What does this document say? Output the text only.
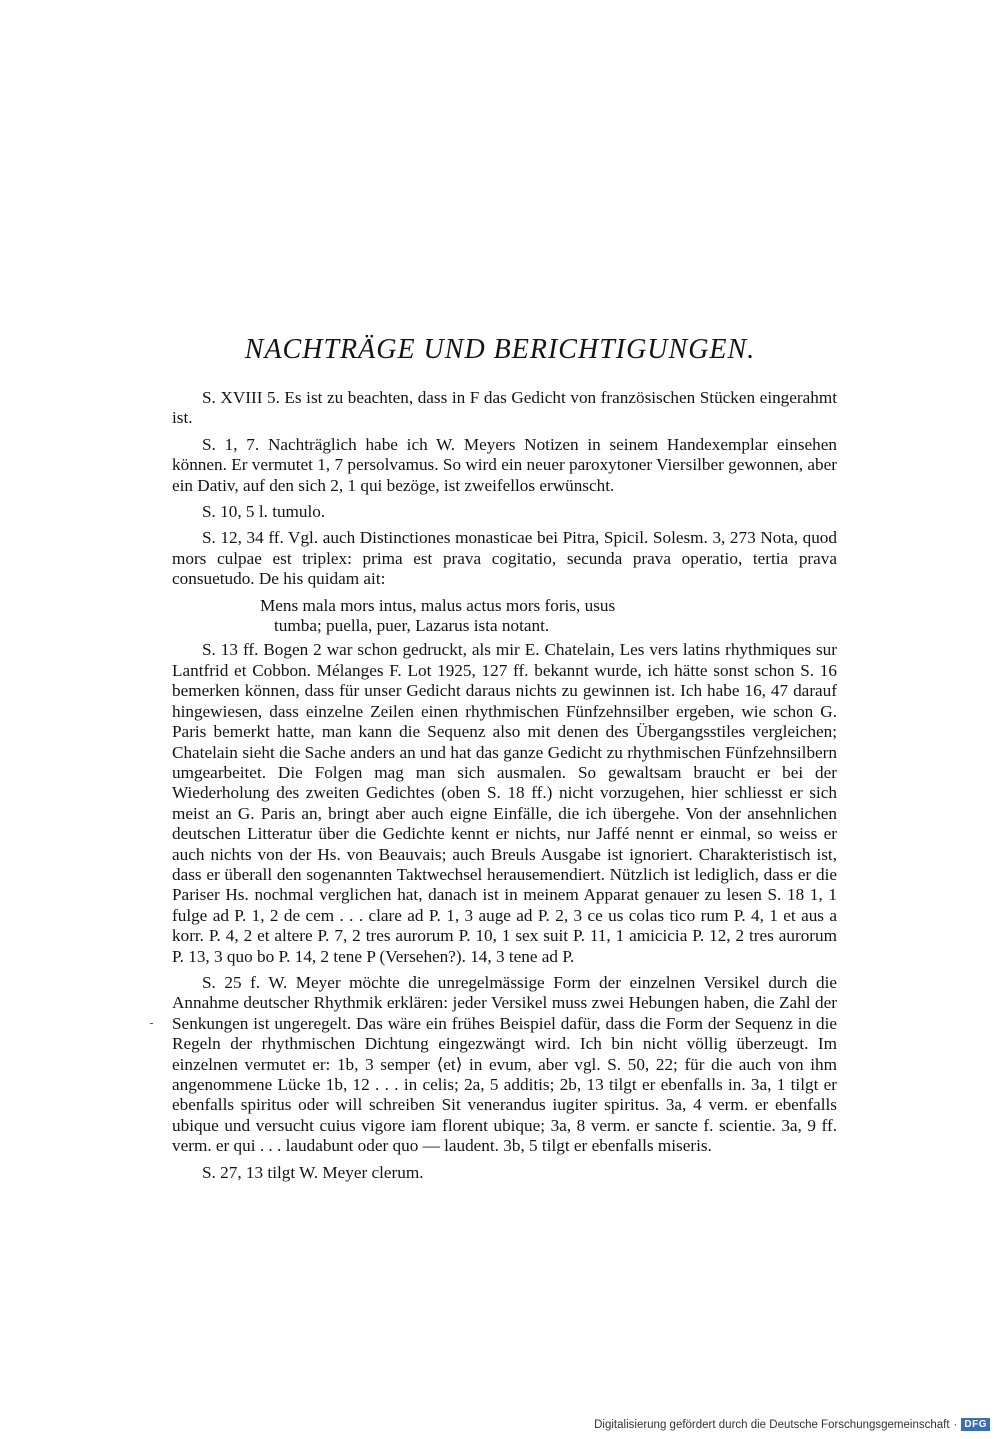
NACHTRÄGE UND BERICHTIGUNGEN.

S. XVIII 5. Es ist zu beachten, dass in F das Gedicht von französischen Stücken eingerahmt ist.

S. 1, 7. Nachträglich habe ich W. Meyers Notizen in seinem Handexemplar einsehen können. Er vermutet 1, 7 persolvamus. So wird ein neuer paroxytoner Viersilber gewonnen, aber ein Dativ, auf den sich 2, 1 qui bezöge, ist zweifellos erwünscht.

S. 10, 5 l. tumulo.

S. 12, 34 ff. Vgl. auch Distinctiones monasticae bei Pitra, Spicil. Solesm. 3, 273 Nota, quod mors culpae est triplex: prima est prava cogitatio, secunda prava operatio, tertia prava consuetudo. De his quidam ait:

Mens mala mors intus, malus actus mors foris, usus
tumba; puella, puer, Lazarus ista notant.

S. 13 ff. Bogen 2 war schon gedruckt, als mir E. Chatelain, Les vers latins rhythmiques sur Lantfrid et Cobbon. Mélanges F. Lot 1925, 127 ff. bekannt wurde, ich hätte sonst schon S. 16 bemerken können, dass für unser Gedicht daraus nichts zu gewinnen ist. Ich habe 16, 47 darauf hingewiesen, dass einzelne Zeilen einen rhythmischen Fünfzehnsilber ergeben, wie schon G. Paris bemerkt hatte, man kann die Sequenz also mit denen des Übergangsstiles vergleichen; Chatelain sieht die Sache anders an und hat das ganze Gedicht zu rhythmischen Fünfzehnsilbern umgearbeitet. Die Folgen mag man sich ausmalen. So gewaltsam braucht er bei der Wiederholung des zweiten Gedichtes (oben S. 18 ff.) nicht vorzugehen, hier schliesst er sich meist an G. Paris an, bringt aber auch eigne Einfälle, die ich übergehe. Von der ansehnlichen deutschen Litteratur über die Gedichte kennt er nichts, nur Jaffé nennt er einmal, so weiss er auch nichts von der Hs. von Beauvais; auch Breuls Ausgabe ist ignoriert. Charakteristisch ist, dass er überall den sogenannten Taktwechsel herausemendiert. Nützlich ist lediglich, dass er die Pariser Hs. nochmal verglichen hat, danach ist in meinem Apparat genauer zu lesen S. 18 1, 1 fulge ad P. 1, 2 de cem . . . clare ad P. 1, 3 auge ad P. 2, 3 ce us colas tico rum P. 4, 1 et aus a korr. P. 4, 2 et altere P. 7, 2 tres aurorum P. 10, 1 sex suit P. 11, 1 amicicia P. 12, 2 tres aurorum P. 13, 3 quo bo P. 14, 2 tene P (Versehen?). 14, 3 tene ad P.

S. 25 f. W. Meyer möchte die unregelmässige Form der einzelnen Versikel durch die Annahme deutscher Rhythmik erklären: jeder Versikel muss zwei Hebungen haben, die Zahl der Senkungen ist ungeregelt. Das wäre ein frühes Beispiel dafür, dass die Form der Sequenz in die Regeln der rhythmischen Dichtung eingezwängt wird. Ich bin nicht völlig überzeugt. Im einzelnen vermutet er: 1b, 3 semper ⟨et⟩ in evum, aber vgl. S. 50, 22; für die auch von ihm angenommene Lücke 1b, 12 . . . in celis; 2a, 5 additis; 2b, 13 tilgt er ebenfalls in. 3a, 1 tilgt er ebenfalls spiritus oder will schreiben Sit venerandus iugiter spiritus. 3a, 4 verm. er ebenfalls ubique und versucht cuius vigore iam florent ubique; 3a, 8 verm. er sancte f. scientie. 3a, 9 ff. verm. er qui . . . laudabunt oder quo — laudent. 3b, 5 tilgt er ebenfalls miseris.

S. 27, 13 tilgt W. Meyer clerum.

Digitalisierung gefördert durch die Deutsche Forschungsgemeinschaft · DFG
